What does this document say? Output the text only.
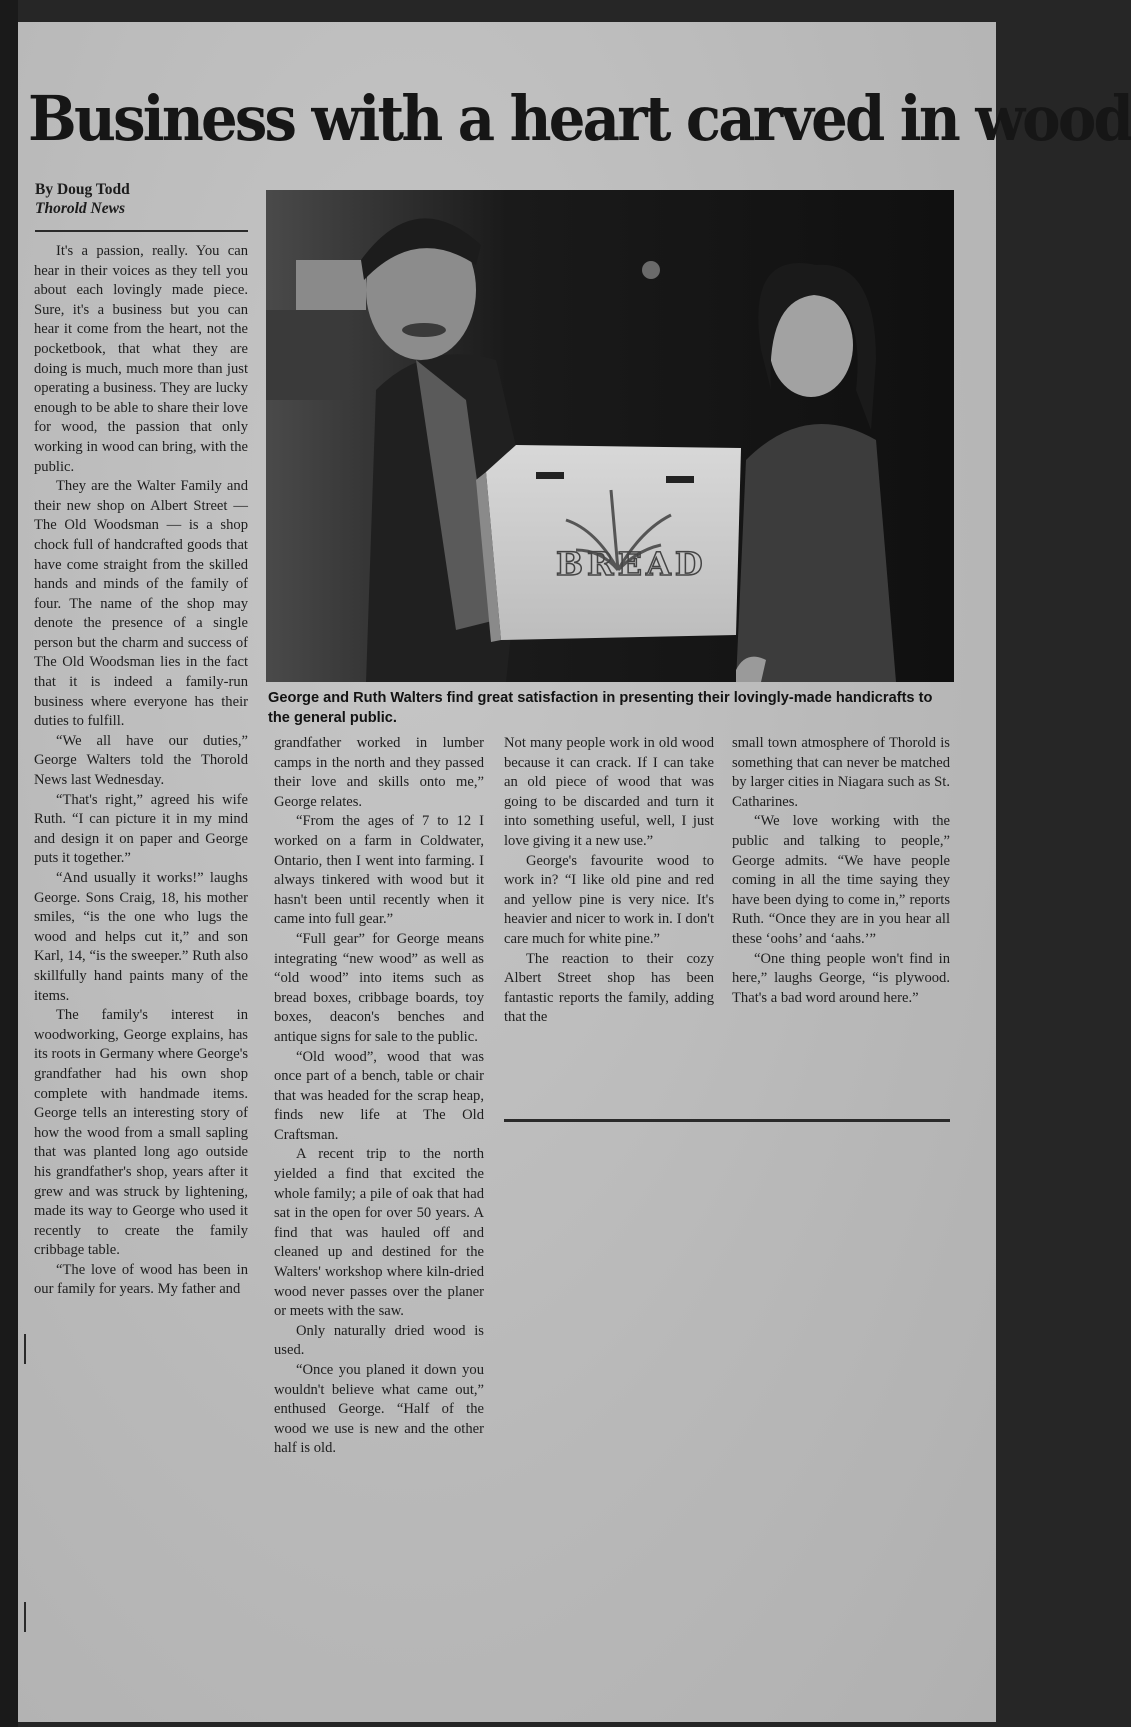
Business with a heart carved in wood
By Doug Todd
Thorold News
BREAD
George and Ruth Walters find great satisfaction in presenting their lovingly-made handicrafts to the general public.

It's a passion, really. You can hear in their voices as they tell you about each lovingly made piece. Sure, it's a business but you can hear it come from the heart, not the pocketbook, that what they are doing is much, much more than just operating a business. They are lucky enough to be able to share their love for wood, the passion that only working in wood can bring, with the public.

They are the Walter Family and their new shop on Albert Street — The Old Woodsman — is a shop chock full of handcrafted goods that have come straight from the skilled hands and minds of the family of four. The name of the shop may denote the presence of a single person but the charm and success of The Old Woodsman lies in the fact that it is indeed a family-run business where everyone has their duties to fulfill.

“We all have our duties,” George Walters told the Thorold News last Wednesday.

“That's right,” agreed his wife Ruth. “I can picture it in my mind and design it on paper and George puts it together.”

“And usually it works!” laughs George. Sons Craig, 18, his mother smiles, “is the one who lugs the wood and helps cut it,” and son Karl, 14, “is the sweeper.” Ruth also skillfully hand paints many of the items.

The family's interest in woodworking, George explains, has its roots in Germany where George's grandfather had his own shop complete with handmade items. George tells an interesting story of how the wood from a small sapling that was planted long ago outside his grandfather's shop, years after it grew and was struck by lightening, made its way to George who used it recently to create the family cribbage table.

“The love of wood has been in our family for years. My father and

grandfather worked in lumber camps in the north and they passed their love and skills onto me,” George relates.

“From the ages of 7 to 12 I worked on a farm in Coldwater, Ontario, then I went into farming. I always tinkered with wood but it hasn't been until recently when it came into full gear.”

“Full gear” for George means integrating “new wood” as well as “old wood” into items such as bread boxes, cribbage boards, toy boxes, deacon's benches and antique signs for sale to the public.

“Old wood”, wood that was once part of a bench, table or chair that was headed for the scrap heap, finds new life at The Old Craftsman.

A recent trip to the north yielded a find that excited the whole family; a pile of oak that had sat in the open for over 50 years. A find that was hauled off and cleaned up and destined for the Walters' workshop where kiln-dried wood never passes over the planer or meets with the saw.

Only naturally dried wood is used.

“Once you planed it down you wouldn't believe what came out,” enthused George. “Half of the wood we use is new and the other half is old.

Not many people work in old wood because it can crack. If I can take an old piece of wood that was going to be discarded and turn it into something useful, well, I just love giving it a new use.”

George's favourite wood to work in? “I like old pine and red and yellow pine is very nice. It's heavier and nicer to work in. I don't care much for white pine.”

The reaction to their cozy Albert Street shop has been fantastic reports the family, adding that the

small town atmosphere of Thorold is something that can never be matched by larger cities in Niagara such as St. Catharines.

“We love working with the public and talking to people,” George admits. “We have people coming in all the time saying they have been dying to come in,” reports Ruth. “Once they are in you hear all these ‘oohs’ and ‘aahs.’”

“One thing people won't find in here,” laughs George, “is plywood. That's a bad word around here.”
